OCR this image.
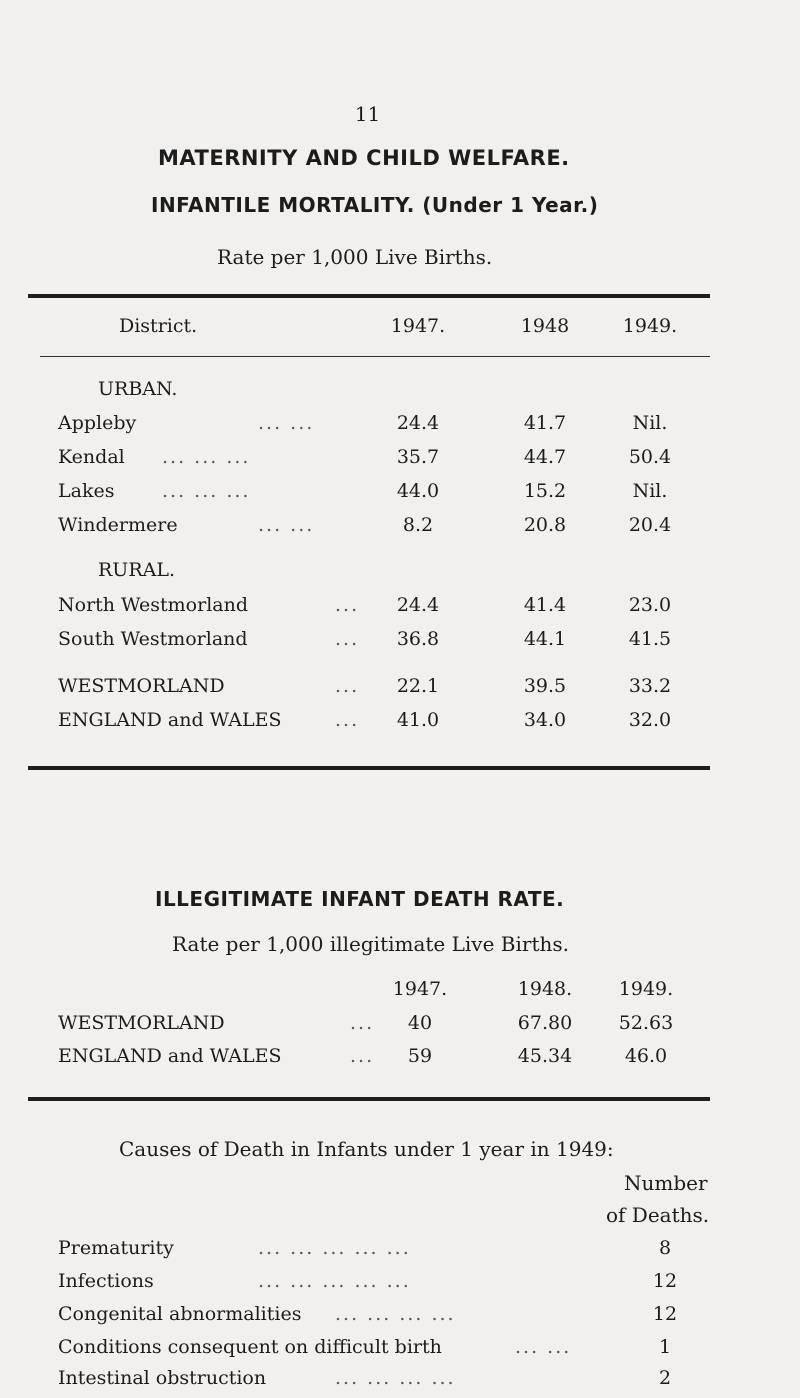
11
MATERNITY AND CHILD WELFARE.
INFANTILE MORTALITY. (Under 1 Year.)
Rate per 1,000 Live Births.
District.	1947.	1948	1949.
URBAN.
Appleby	... ...	24.4	41.7	Nil.
Kendal ... ... ...	35.7	44.7	50.4
Lakes	... ... ...	44.0	15.2	Nil.
Windermere	... ...	8.2	20.8	20.4
RURAL.
North Westmorland	...	24.4	41.4	23.0
South Westmorland	...	36.8	44.1	41.5
WESTMORLAND	...	22.1	39.5	33.2
ENGLAND and WALES	...	41.0	34.0	32.0
ILLEGITIMATE INFANT DEATH RATE.
Rate per 1,000 illegitimate Live Births.
1947.	1948.	1949.
WESTMORLAND	...	40	67.80	52.63
ENGLAND and WALES	...	59	45.34	46.0
Causes of Death in Infants under 1 year in 1949:
Number
of Deaths.
Prematurity	... ... ... ... ...	8
Infections	... ... ... ... ...	12
Congenital abnormalities ... ... ... ...	12
Conditions consequent on difficult birth	... ...	1
Intestinal obstruction	... ... ... ...	2
